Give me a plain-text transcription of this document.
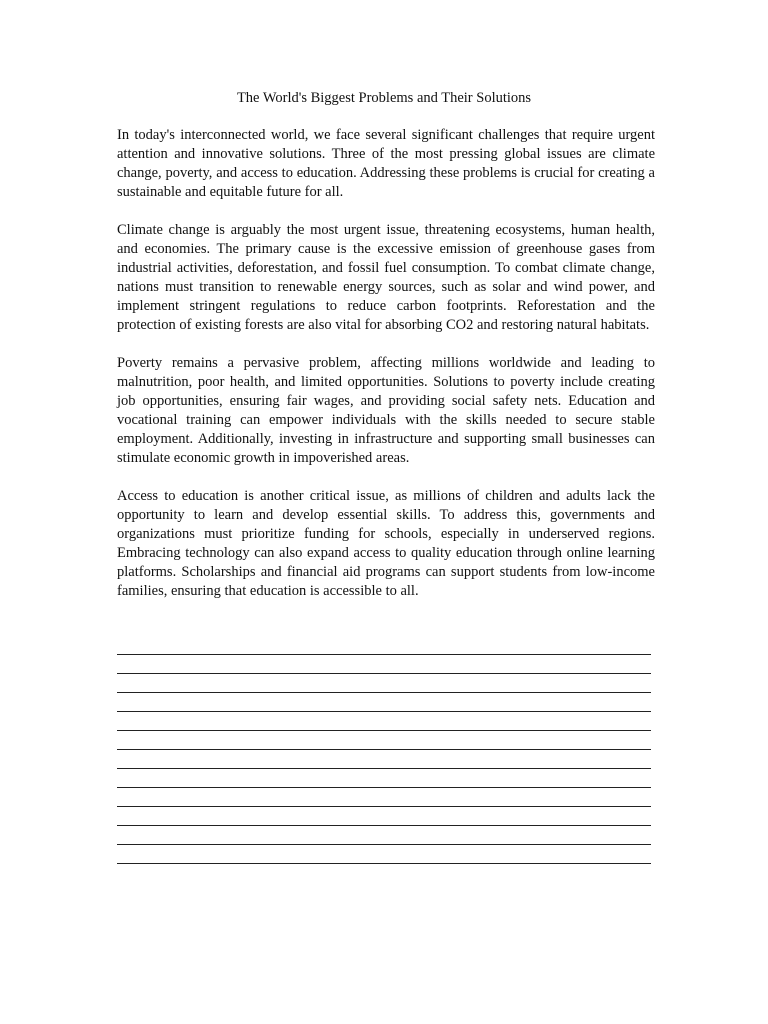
The World's Biggest Problems and Their Solutions

In today's interconnected world, we face several significant challenges that require urgent attention and innovative solutions. Three of the most pressing global issues are climate change, poverty, and access to education. Addressing these problems is crucial for creating a sustainable and equitable future for all.

Climate change is arguably the most urgent issue, threatening ecosystems, human health, and economies. The primary cause is the excessive emission of greenhouse gases from industrial activities, deforestation, and fossil fuel consumption. To combat climate change, nations must transition to renewable energy sources, such as solar and wind power, and implement stringent regulations to reduce carbon footprints. Reforestation and the protection of existing forests are also vital for absorbing CO2 and restoring natural habitats.

Poverty remains a pervasive problem, affecting millions worldwide and leading to malnutrition, poor health, and limited opportunities. Solutions to poverty include creating job opportunities, ensuring fair wages, and providing social safety nets. Education and vocational training can empower individuals with the skills needed to secure stable employment. Additionally, investing in infrastructure and supporting small businesses can stimulate economic growth in impoverished areas.

Access to education is another critical issue, as millions of children and adults lack the opportunity to learn and develop essential skills. To address this, governments and organizations must prioritize funding for schools, especially in underserved regions. Embracing technology can also expand access to quality education through online learning platforms. Scholarships and financial aid programs can support students from low-income families, ensuring that education is accessible to all.
